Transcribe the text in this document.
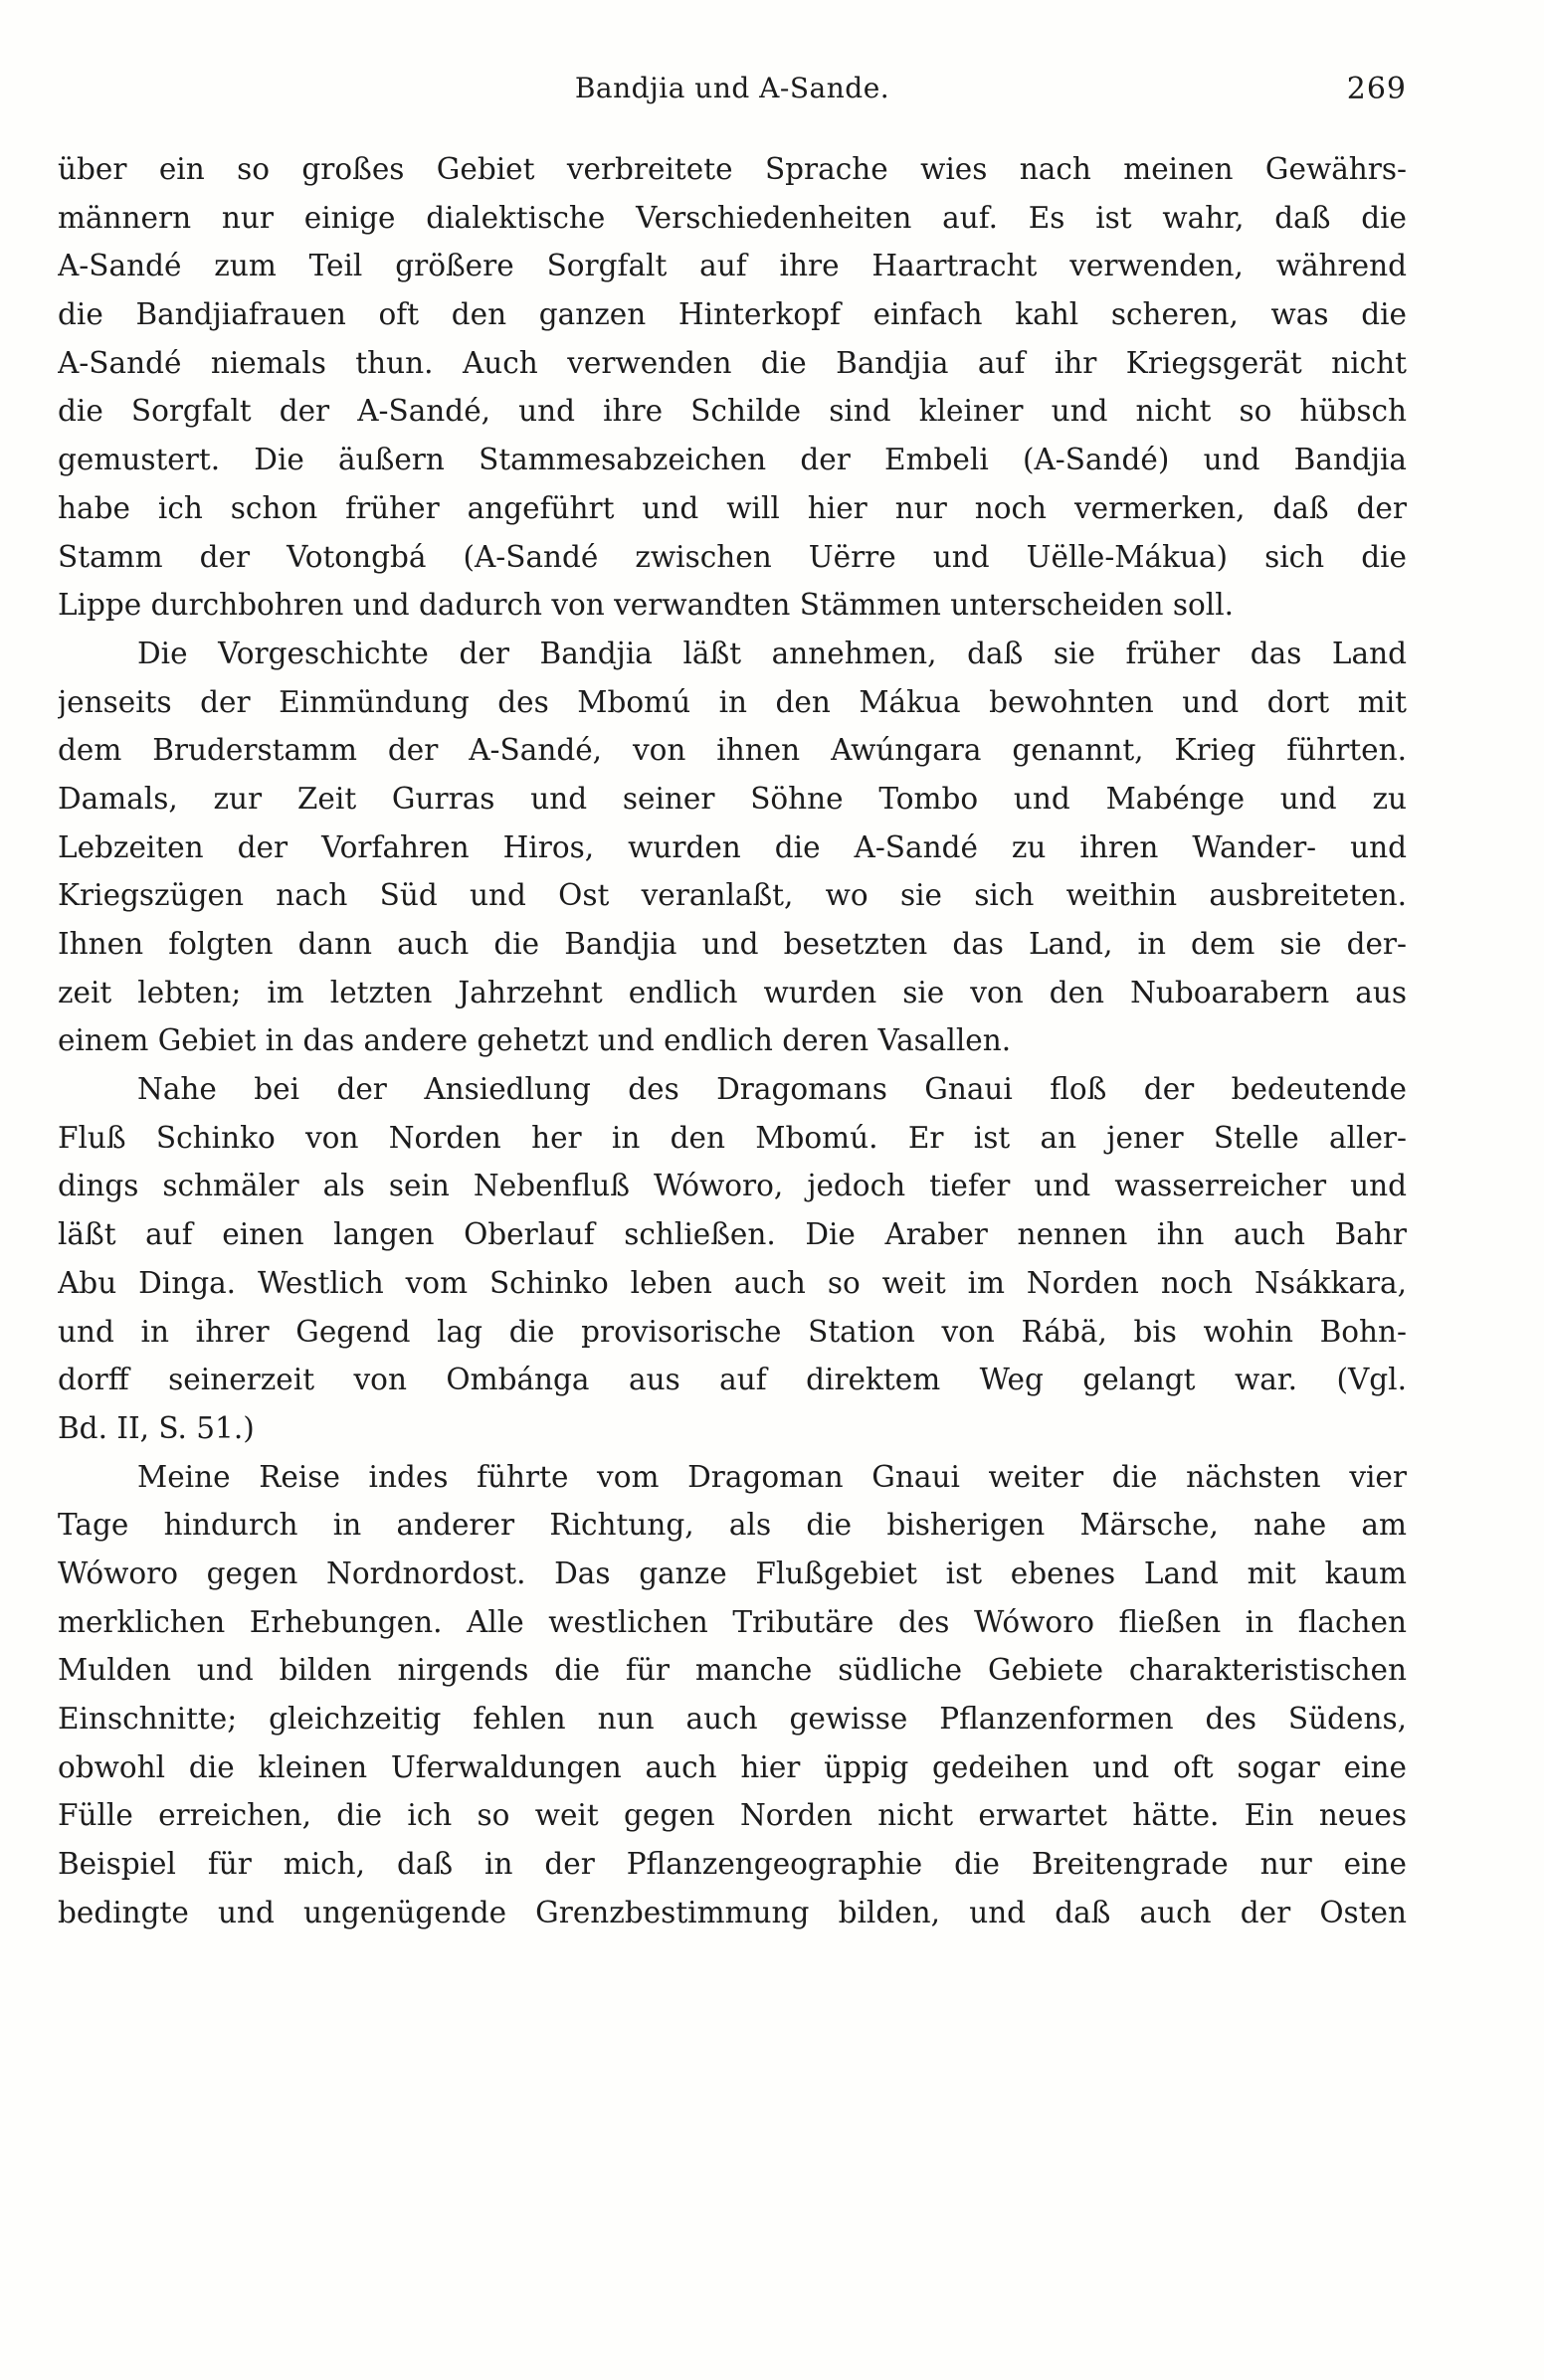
Bandjia und A-Sande.	269
über ein so großes Gebiet verbreitete Sprache wies nach meinen Gewährs-
männern nur einige dialektische Verschiedenheiten auf. Es ist wahr, daß die
A-Sandé zum Teil größere Sorgfalt auf ihre Haartracht verwenden, während
die Bandjiafrauen oft den ganzen Hinterkopf einfach kahl scheren, was die
A-Sandé niemals thun. Auch verwenden die Bandjia auf ihr Kriegsgerät nicht
die Sorgfalt der A-Sandé, und ihre Schilde sind kleiner und nicht so hübsch
gemustert. Die äußern Stammesabzeichen der Embeli (A-Sandé) und Bandjia
habe ich schon früher angeführt und will hier nur noch vermerken, daß der
Stamm der Votongbá (A-Sandé zwischen Uërre und Uëlle-Mákua) sich die
Lippe durchbohren und dadurch von verwandten Stämmen unterscheiden soll.
Die Vorgeschichte der Bandjia läßt annehmen, daß sie früher das Land
jenseits der Einmündung des Mbomú in den Mákua bewohnten und dort mit
dem Bruderstamm der A-Sandé, von ihnen Awúngara genannt, Krieg führten.
Damals, zur Zeit Gurras und seiner Söhne Tombo und Mabénge und zu
Lebzeiten der Vorfahren Hiros, wurden die A-Sandé zu ihren Wander- und
Kriegszügen nach Süd und Ost veranlaßt, wo sie sich weithin ausbreiteten.
Ihnen folgten dann auch die Bandjia und besetzten das Land, in dem sie der-
zeit lebten; im letzten Jahrzehnt endlich wurden sie von den Nuboarabern aus
einem Gebiet in das andere gehetzt und endlich deren Vasallen.
Nahe bei der Ansiedlung des Dragomans Gnaui floß der bedeutende
Fluß Schinko von Norden her in den Mbomú. Er ist an jener Stelle aller-
dings schmäler als sein Nebenfluß Wóworo, jedoch tiefer und wasserreicher und
läßt auf einen langen Oberlauf schließen. Die Araber nennen ihn auch Bahr
Abu Dinga. Westlich vom Schinko leben auch so weit im Norden noch Nsákkara,
und in ihrer Gegend lag die provisorische Station von Rábä, bis wohin Bohn-
dorff seinerzeit von Ombánga aus auf direktem Weg gelangt war. (Vgl.
Bd. II, S. 51.)
Meine Reise indes führte vom Dragoman Gnaui weiter die nächsten vier
Tage hindurch in anderer Richtung, als die bisherigen Märsche, nahe am
Wóworo gegen Nordnordost. Das ganze Flußgebiet ist ebenes Land mit kaum
merklichen Erhebungen. Alle westlichen Tributäre des Wóworo fließen in flachen
Mulden und bilden nirgends die für manche südliche Gebiete charakteristischen
Einschnitte; gleichzeitig fehlen nun auch gewisse Pflanzenformen des Südens,
obwohl die kleinen Uferwaldungen auch hier üppig gedeihen und oft sogar eine
Fülle erreichen, die ich so weit gegen Norden nicht erwartet hätte. Ein neues
Beispiel für mich, daß in der Pflanzengeographie die Breitengrade nur eine
bedingte und ungenügende Grenzbestimmung bilden, und daß auch der Osten
